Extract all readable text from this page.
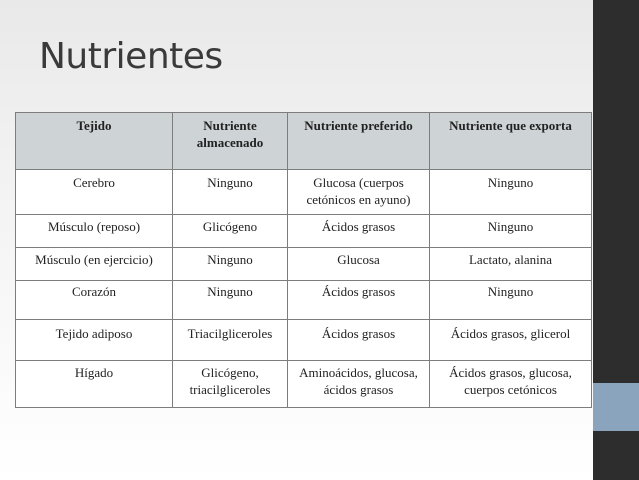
Nutrientes
Tejido	Nutriente almacenado	Nutriente preferido	Nutriente que exporta
Cerebro	Ninguno	Glucosa (cuerpos cetónicos en ayuno)	Ninguno
Músculo (reposo)	Glicógeno	Ácidos grasos	Ninguno
Músculo (en ejercicio)	Ninguno	Glucosa	Lactato, alanina
Corazón	Ninguno	Ácidos grasos	Ninguno
Tejido adiposo	Triacilgliceroles	Ácidos grasos	Ácidos grasos, glicerol
Hígado	Glicógeno, triacilgliceroles	Aminoácidos, glucosa, ácidos grasos	Ácidos grasos, glucosa, cuerpos cetónicos
